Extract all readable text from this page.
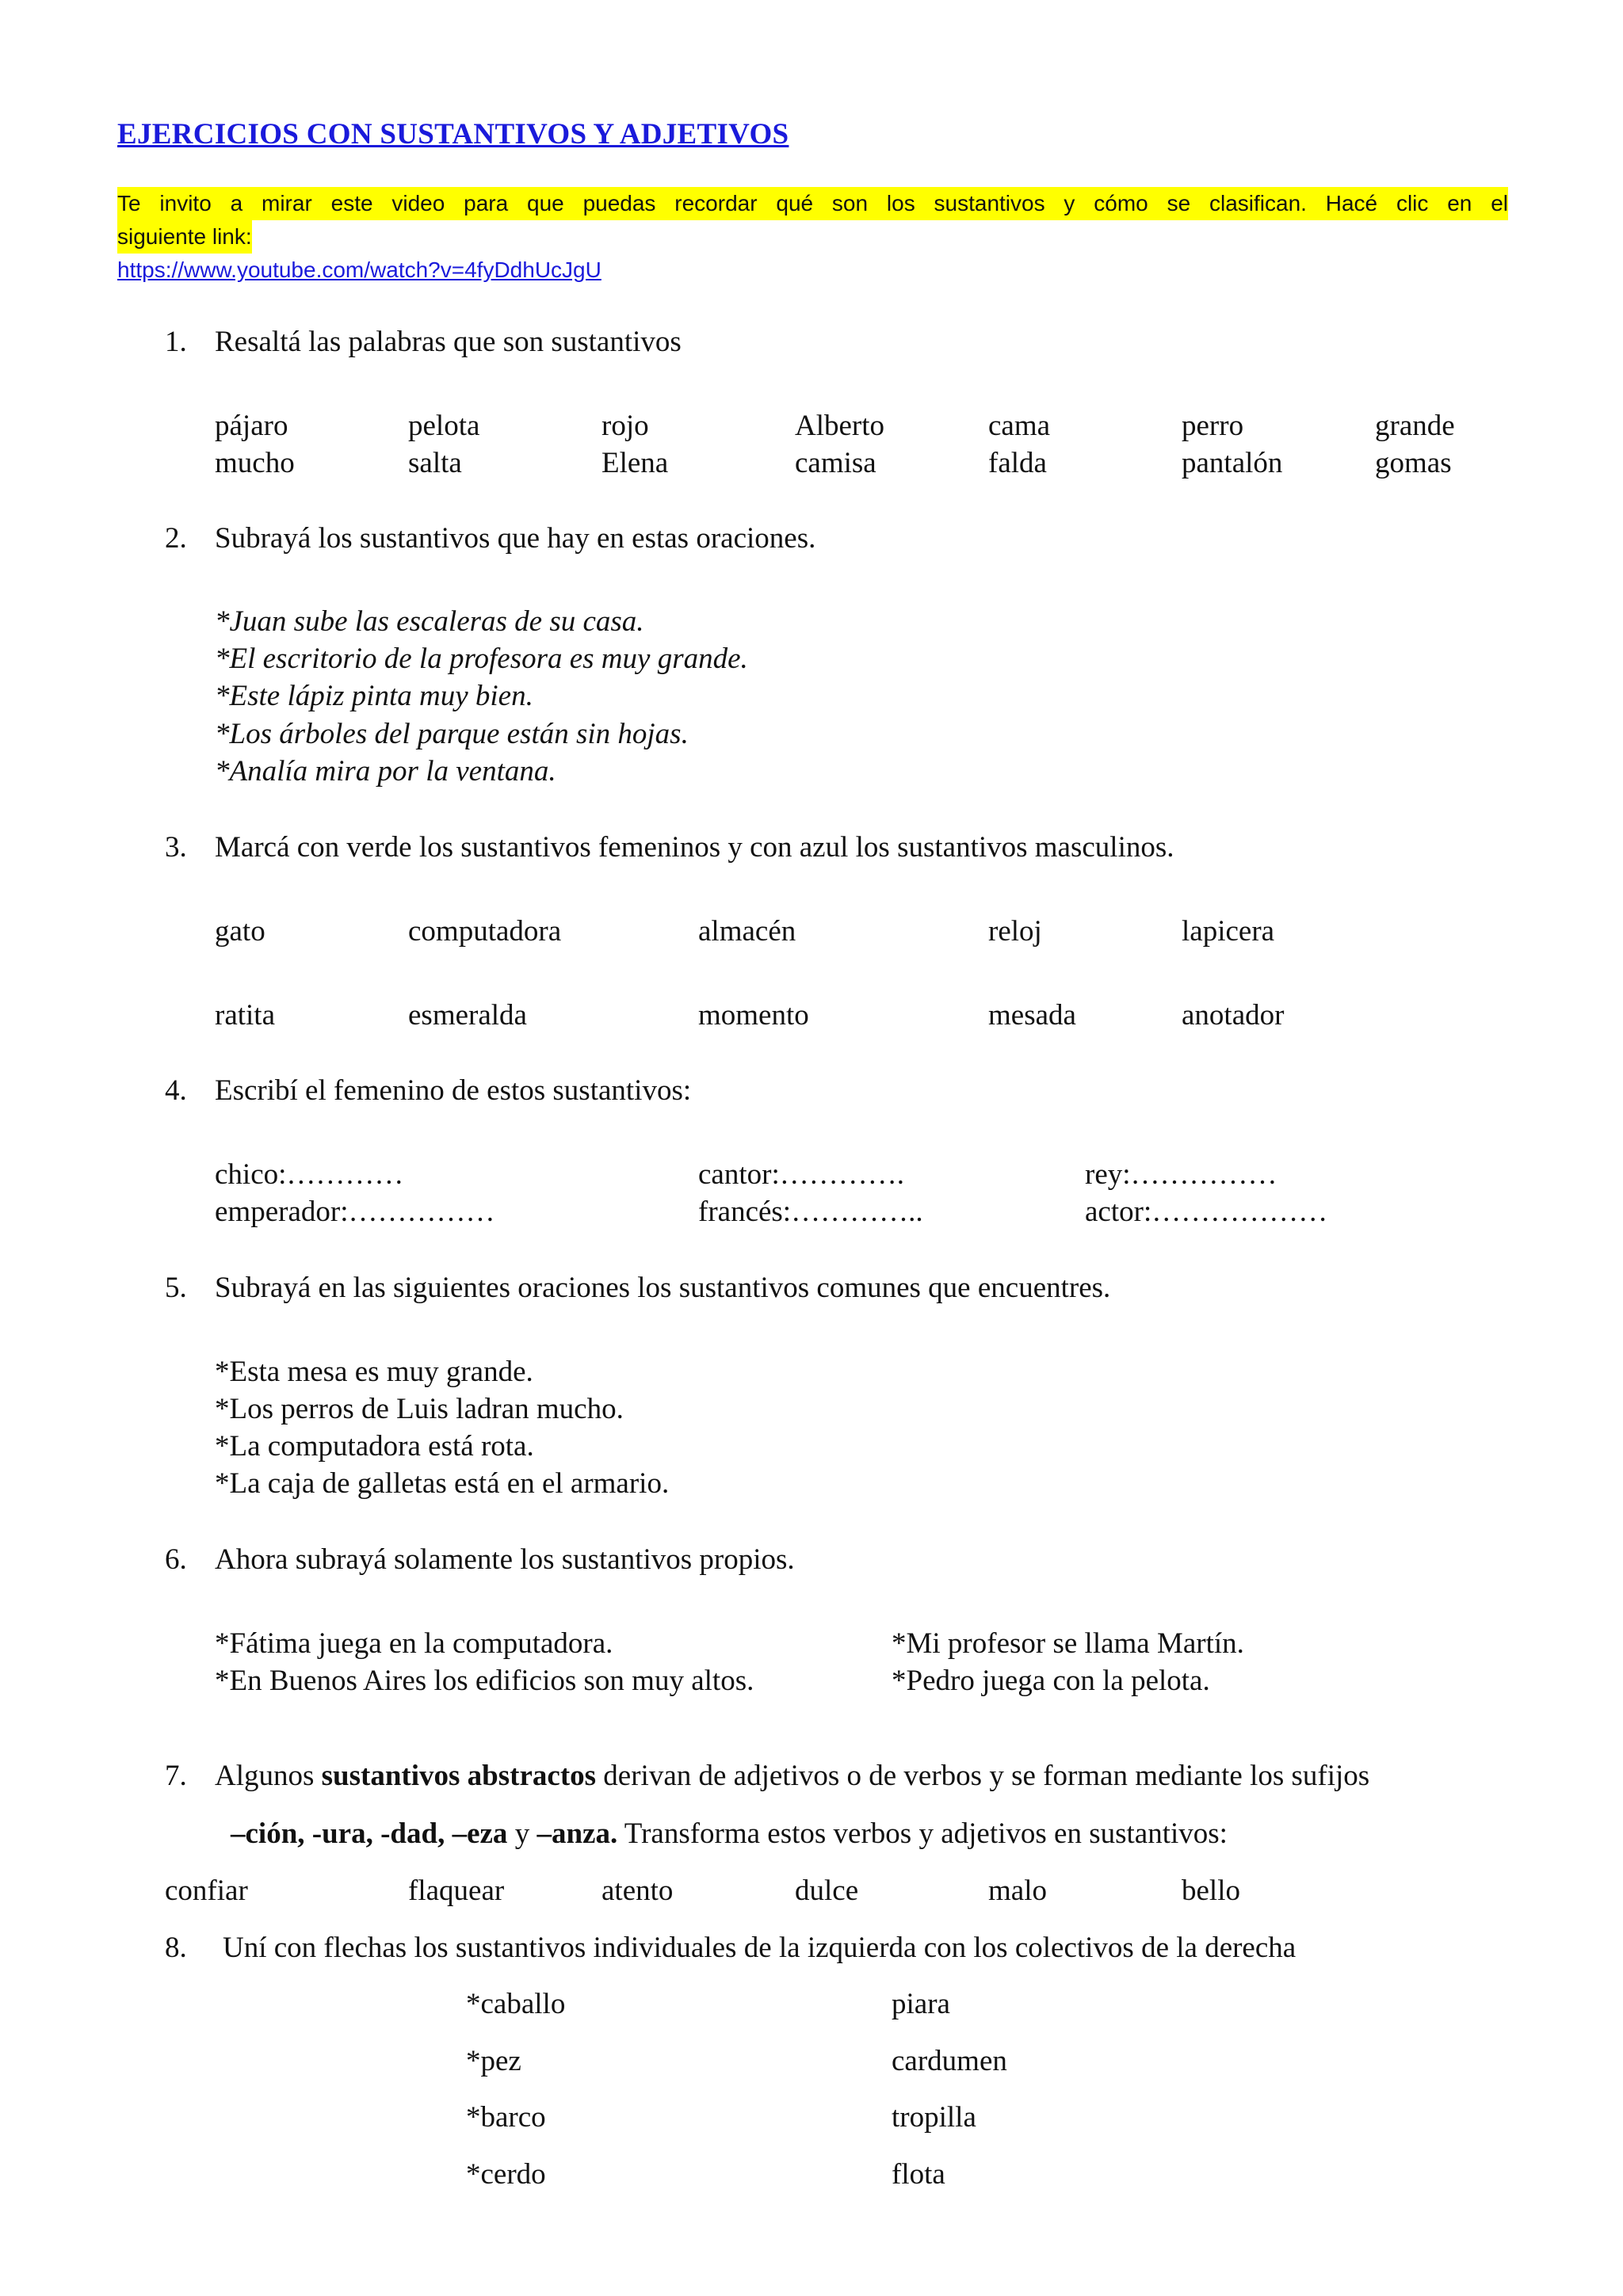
EJERCICIOS CON SUSTANTIVOS Y ADJETIVOS
Te invito a mirar este video para que puedas recordar qué son los sustantivos y cómo se clasifican. Hacé clic en el
siguiente link:
https://www.youtube.com/watch?v=4fyDdhUcJgU
1. Resaltá las palabras que son sustantivos
pájaro	pelota	rojo	Alberto	cama	perro	grande
mucho	salta	Elena	camisa	falda	pantalón	gomas
2. Subrayá los sustantivos que hay en estas oraciones.
*Juan sube las escaleras de su casa.
*El escritorio de la profesora es muy grande.
*Este lápiz pinta muy bien.
*Los árboles del parque están sin hojas.
*Analía mira por la ventana.
3. Marcá con verde los sustantivos femeninos y con azul los sustantivos masculinos.
gato	computadora	almacén	reloj	lapicera
ratita	esmeralda	momento	mesada	anotador
4. Escribí el femenino de estos sustantivos:
chico:…………	cantor:………….	rey:……………
emperador:……………	francés:…………..	actor:………………
5. Subrayá en las siguientes oraciones los sustantivos comunes que encuentres.
*Esta mesa es muy grande.
*Los perros de Luis ladran mucho.
*La computadora está rota.
*La caja de galletas está en el armario.
6. Ahora subrayá solamente los sustantivos propios.
*Fátima juega en la computadora.	*Mi profesor se llama Martín.
*En Buenos Aires los edificios son muy altos.	*Pedro juega con la pelota.
7. Algunos sustantivos abstractos derivan de adjetivos o de verbos y se forman mediante los sufijos
–ción, -ura, -dad, –eza y –anza. Transforma estos verbos y adjetivos en sustantivos:
confiar	flaquear	atento	dulce	malo	bello
8. Uní con flechas los sustantivos individuales de la izquierda con los colectivos de la derecha
*caballo	piara
*pez	cardumen
*barco	tropilla
*cerdo	flota
